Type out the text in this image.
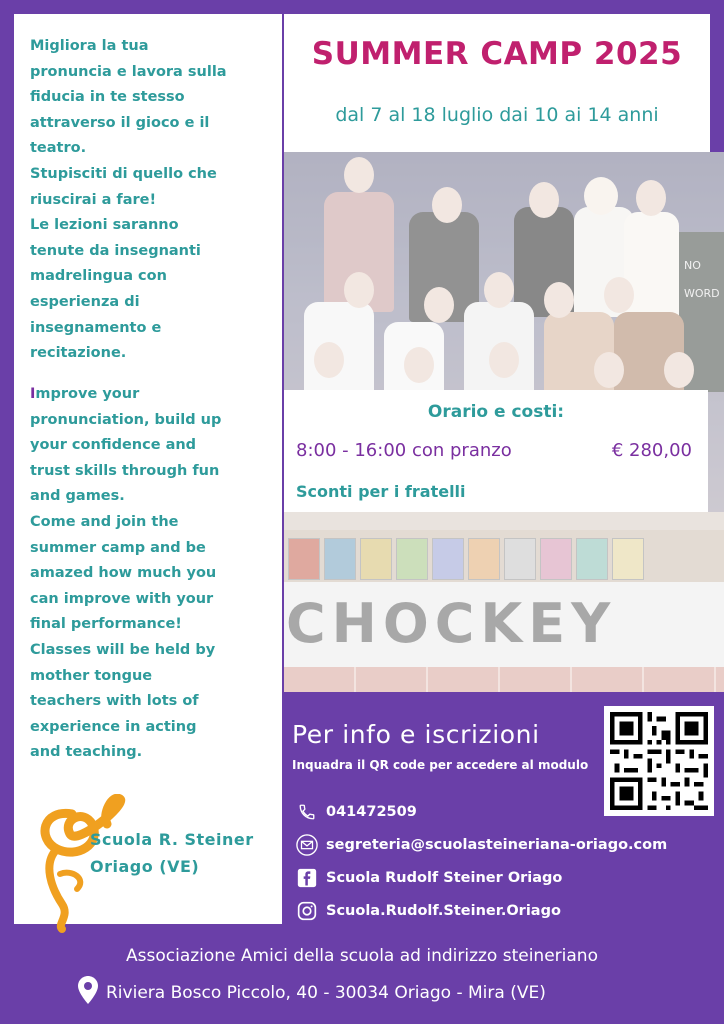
Migliora la tua
pronuncia e lavora sulla
fiducia in te stesso
attraverso il gioco e il
teatro.
Stupisciti di quello che
riuscirai a fare!
Le lezioni saranno
tenute da insegnanti
madrelingua con
esperienza di
insegnamento e
recitazione.

Improve your
pronunciation, build up
your confidence and
trust skills through fun
and games.
Come and join the
summer camp and be
amazed how much you
can improve with your
final performance!
Classes will be held by
mother tongue
teachers with lots of
experience in acting
and teaching.

Scuola R. Steiner
Oriago (VE)
SUMMER CAMP 2025
dal 7 al 18 luglio dai 10 ai 14 anni
NO
WORD
CHOCKEY
Orario e costi:
8:00 - 16:00 con pranzo	€ 280,00
Sconti per i fratelli
Per info e iscrizioni
Inquadra il QR code per accedere al modulo
041472509
segreteria@scuolasteineriana-oriago.com
Scuola Rudolf Steiner Oriago
Scuola.Rudolf.Steiner.Oriago
Associazione Amici della scuola ad indirizzo steineriano
Riviera Bosco Piccolo, 40 - 30034 Oriago - Mira (VE)
